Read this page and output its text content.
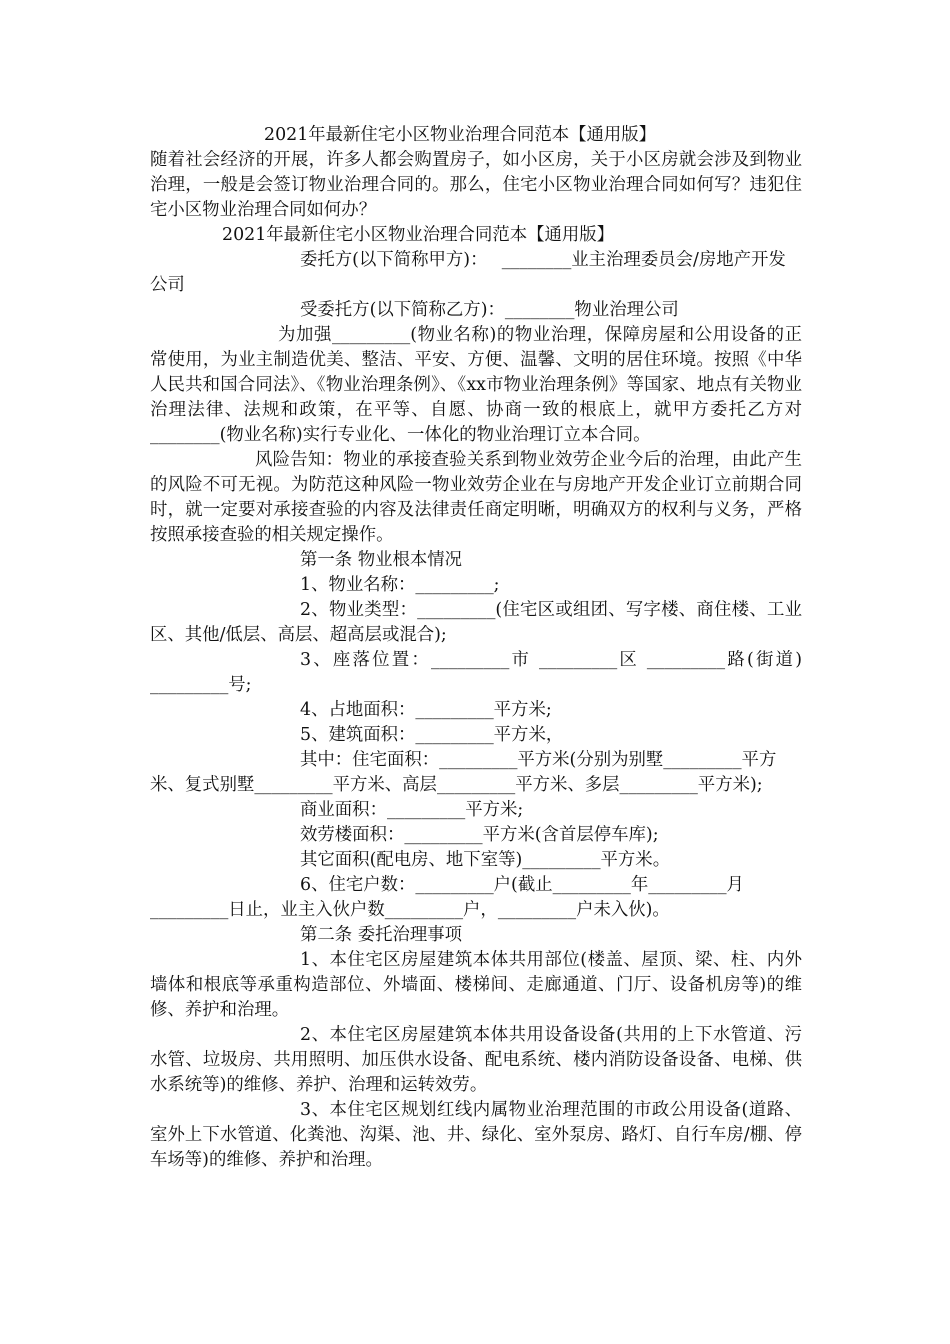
2021年最新住宅小区物业治理合同范本【通用版】

随着社会经济的开展，许多人都会购置房子，如小区房，关于小区房就会涉及到物业治理，一般是会签订物业治理合同的。那么，住宅小区物业治理合同如何写？违犯住宅小区物业治理合同如何办？

2021年最新住宅小区物业治理合同范本【通用版】

委托方(以下简称甲方)：　 ________业主治理委员会/房地产开发公司

受委托方(以下简称乙方)：________物业治理公司

为加强_________(物业名称)的物业治理，保障房屋和公用设备的正常使用，为业主制造优美、整洁、平安、方便、温馨、文明的居住环境。按照《中华人民共和国合同法》、《物业治理条例》、《xx市物业治理条例》等国家、地点有关物业治理法律、法规和政策，在平等、自愿、协商一致的根底上，就甲方委托乙方对________(物业名称)实行专业化、一体化的物业治理订立本合同。

风险告知：物业的承接查验关系到物业效劳企业今后的治理，由此产生的风险不可无视。为防范这种风险一物业效劳企业在与房地产开发企业订立前期合同时，就一定要对承接查验的内容及法律责任商定明晰，明确双方的权利与义务，严格按照承接查验的相关规定操作。

第一条 物业根本情况

1、物业名称：_________;

2、物业类型：_________(住宅区或组团、写字楼、商住楼、工业区、其他/低层、高层、超高层或混合);

3、座落位置：_________市 _________区 _________路(街道) _________号;

4、占地面积：_________平方米;

5、建筑面积：_________平方米，

其中：住宅面积：_________平方米(分别为别墅_________平方米、复式别墅_________平方米、高层_________平方米、多层_________平方米);

商业面积：_________平方米;

效劳楼面积：_________平方米(含首层停车库);

其它面积(配电房、地下室等)_________平方米。

6、住宅户数：_________户(截止_________年_________月_________日止，业主入伙户数_________户，_________户未入伙)。

第二条 委托治理事项

1、本住宅区房屋建筑本体共用部位(楼盖、屋顶、梁、柱、内外墙体和根底等承重构造部位、外墙面、楼梯间、走廊通道、门厅、设备机房等)的维修、养护和治理。

2、本住宅区房屋建筑本体共用设备设备(共用的上下水管道、污水管、垃圾房、共用照明、加压供水设备、配电系统、楼内消防设备设备、电梯、供水系统等)的维修、养护、治理和运转效劳。

3、本住宅区规划红线内属物业治理范围的市政公用设备(道路、室外上下水管道、化粪池、沟渠、池、井、绿化、室外泵房、路灯、自行车房/棚、停车场等)的维修、养护和治理。
